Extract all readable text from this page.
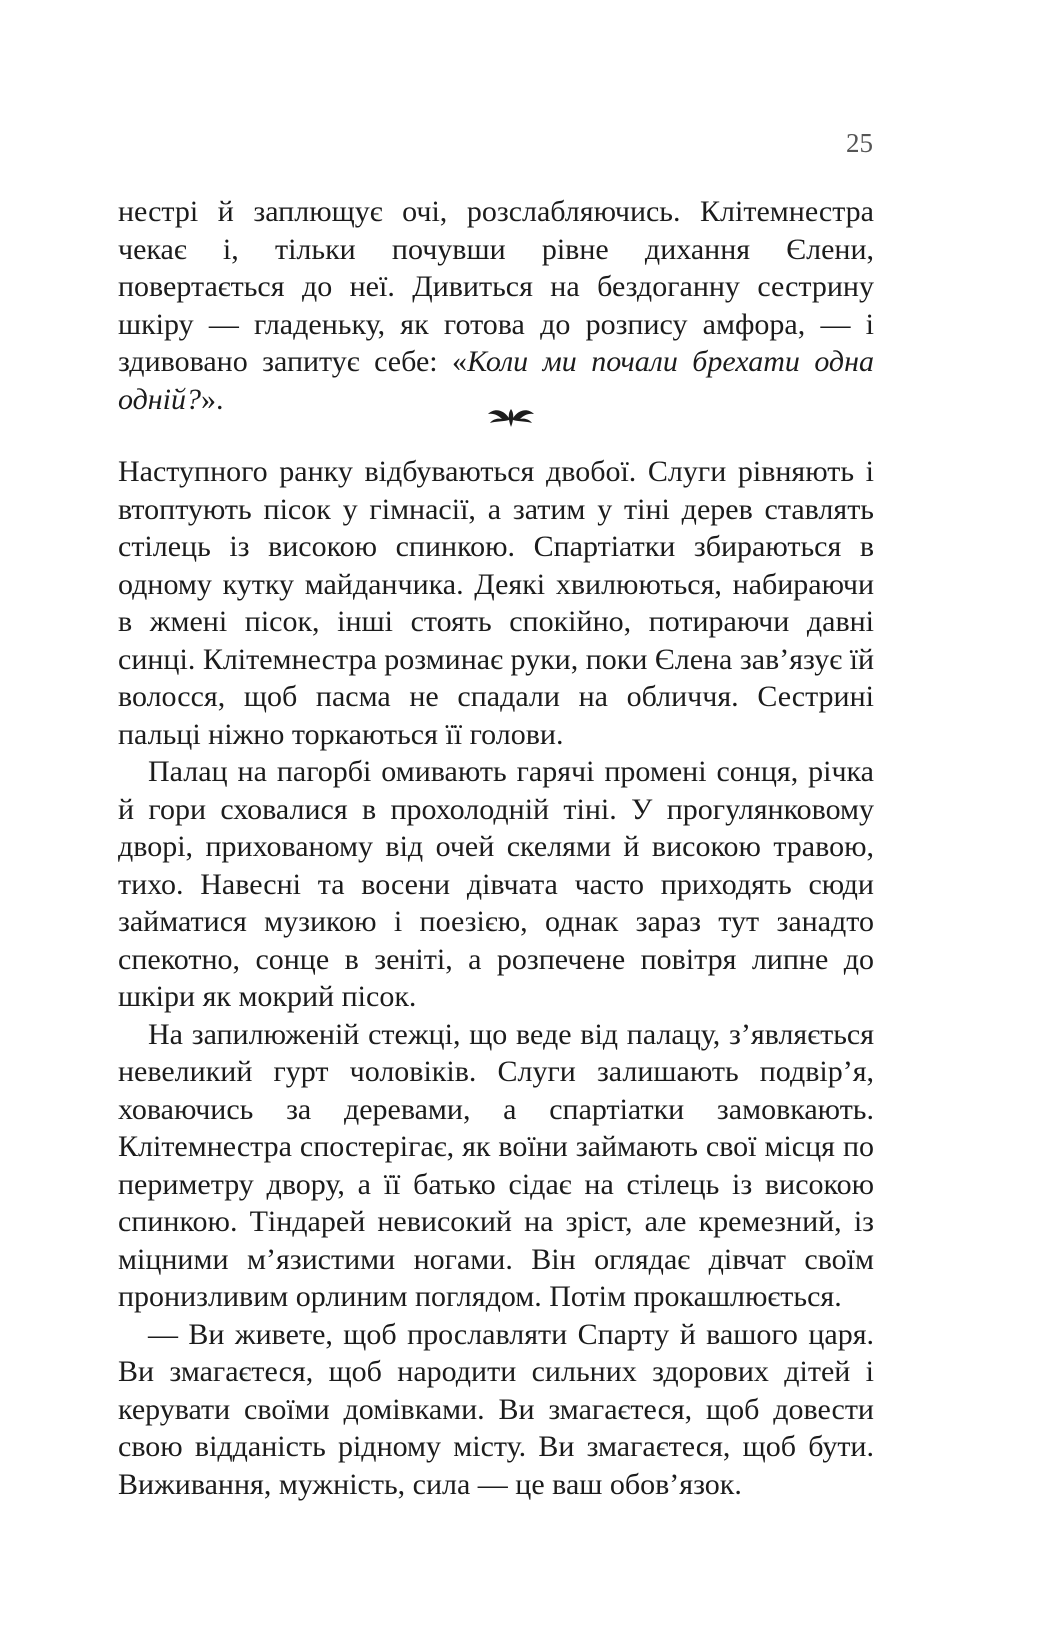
25

нестрі й заплющує очі, розслабляючись. Клітемнестра чекає і, тільки почувши рівне дихання Єлени, повертається до неї. Дивиться на бездоганну сестрину шкіру — гладеньку, як готова до розпису амфора, — і здивовано запитує себе: «Коли ми почали брехати одна одній?».

Наступного ранку відбуваються двобої. Слуги рівняють і втоптують пісок у гімнасії, а затим у тіні дерев ставлять стілець із високою спинкою. Спартіатки збираються в одному кутку майданчика. Деякі хвилюються, набираючи в жмені пісок, інші стоять спокійно, потираючи давні синці. Клітемнестра розминає руки, поки Єлена зав’язує їй волосся, щоб пасма не спадали на обличчя. Сестрині пальці ніжно торкаються її голови.

Палац на пагорбі омивають гарячі промені сонця, річка й гори сховалися в прохолодній тіні. У прогулянковому дворі, прихованому від очей скелями й високою травою, тихо. Навесні та восени дівчата часто приходять сюди займатися музикою і поезією, однак зараз тут занадто спекотно, сонце в зеніті, а розпечене повітря липне до шкіри як мокрий пісок.

На запилюженій стежці, що веде від палацу, з’являється невеликий гурт чоловіків. Слуги залишають подвір’я, ховаючись за деревами, а спартіатки замовкають. Клітемнестра спостерігає, як воїни займають свої місця по периметру двору, а її батько сідає на стілець із високою спинкою. Тіндарей невисокий на зріст, але кремезний, із міцними м’язистими ногами. Він оглядає дівчат своїм пронизливим орлиним поглядом. Потім прокашлюється.

— Ви живете, щоб прославляти Спарту й вашого царя. Ви змагаєтеся, щоб народити сильних здорових дітей і керувати своїми домівками. Ви змагаєтеся, щоб довести свою відданість рідному місту. Ви змагаєтеся, щоб бути. Виживання, мужність, сила — це ваш обов’язок.
